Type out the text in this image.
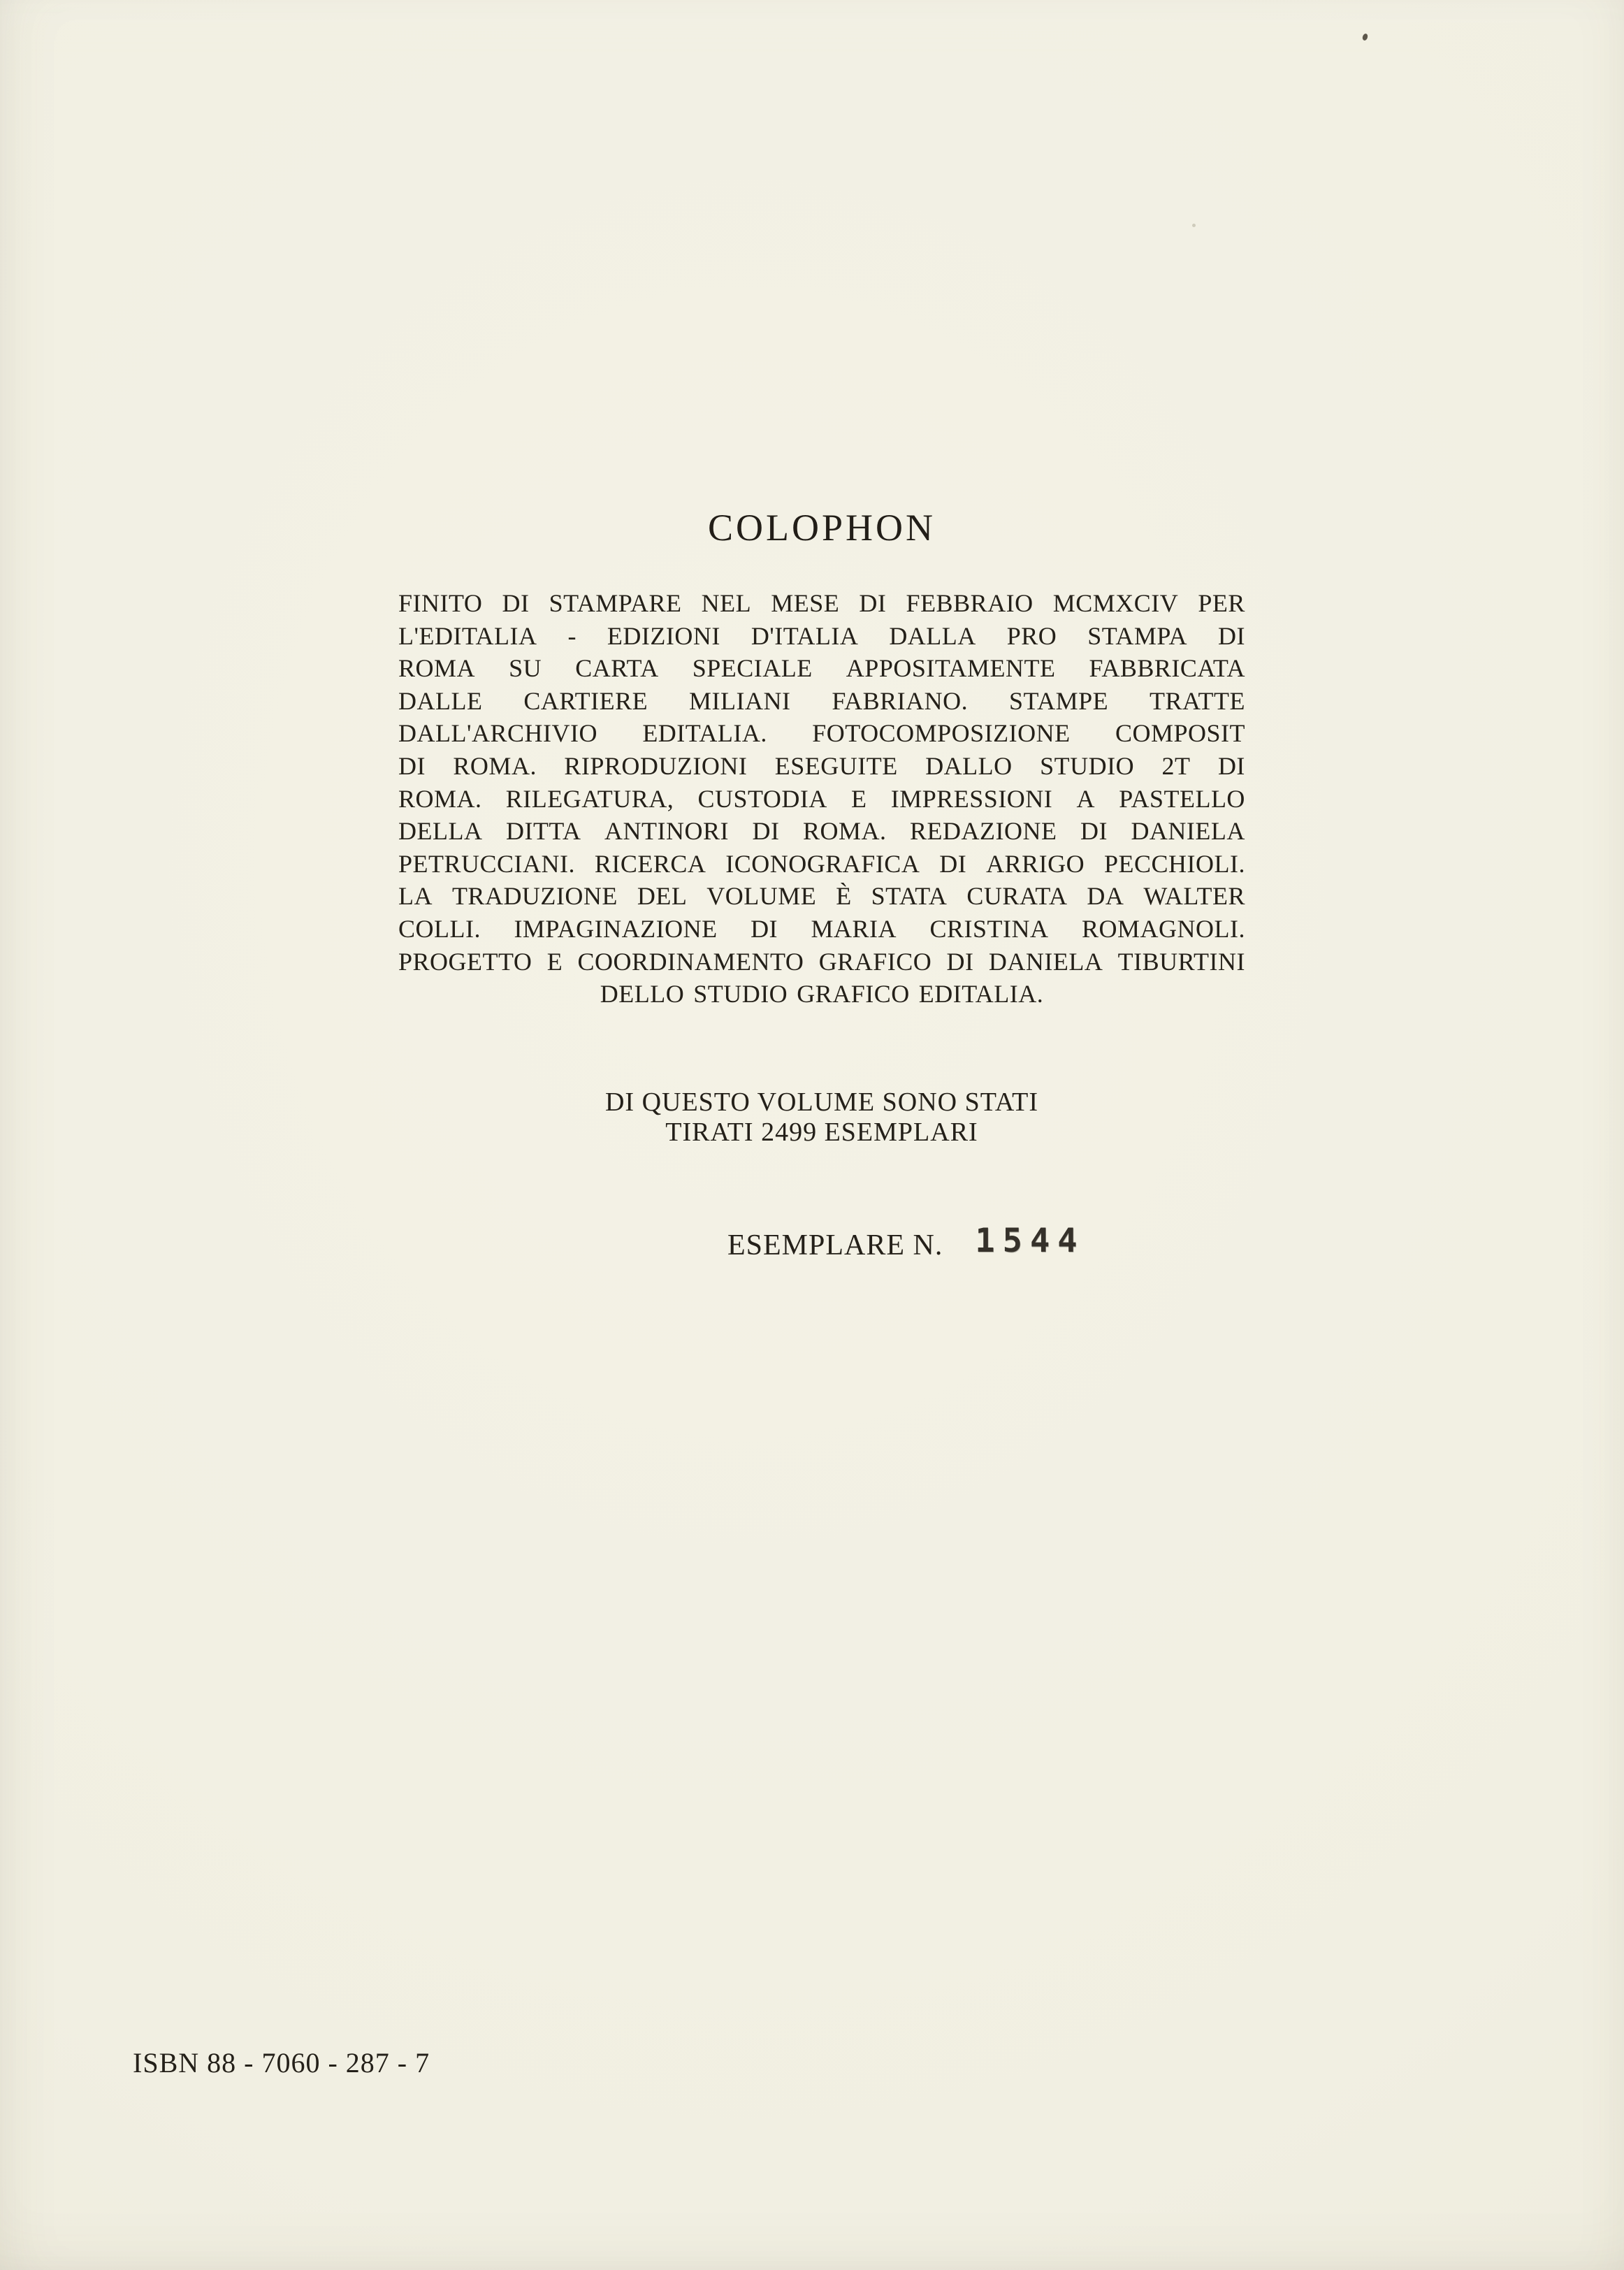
COLOPHON
FINITO DI STAMPARE NEL MESE DI FEBBRAIO MCMXCIV PER
L'EDITALIA - EDIZIONI D'ITALIA DALLA PRO STAMPA DI
ROMA SU CARTA SPECIALE APPOSITAMENTE FABBRICATA
DALLE CARTIERE MILIANI FABRIANO. STAMPE TRATTE
DALL'ARCHIVIO EDITALIA. FOTOCOMPOSIZIONE COMPOSIT
DI ROMA. RIPRODUZIONI ESEGUITE DALLO STUDIO 2T DI
ROMA. RILEGATURA, CUSTODIA E IMPRESSIONI A PASTELLO
DELLA DITTA ANTINORI DI ROMA. REDAZIONE DI DANIELA
PETRUCCIANI. RICERCA ICONOGRAFICA DI ARRIGO PECCHIOLI.
LA TRADUZIONE DEL VOLUME È STATA CURATA DA WALTER
COLLI. IMPAGINAZIONE DI MARIA CRISTINA ROMAGNOLI.
PROGETTO E COORDINAMENTO GRAFICO DI DANIELA TIBURTINI
DELLO STUDIO GRAFICO EDITALIA.
DI QUESTO VOLUME SONO STATI
TIRATI 2499 ESEMPLARI
ESEMPLARE N. 1544
ISBN 88 - 7060 - 287 - 7
